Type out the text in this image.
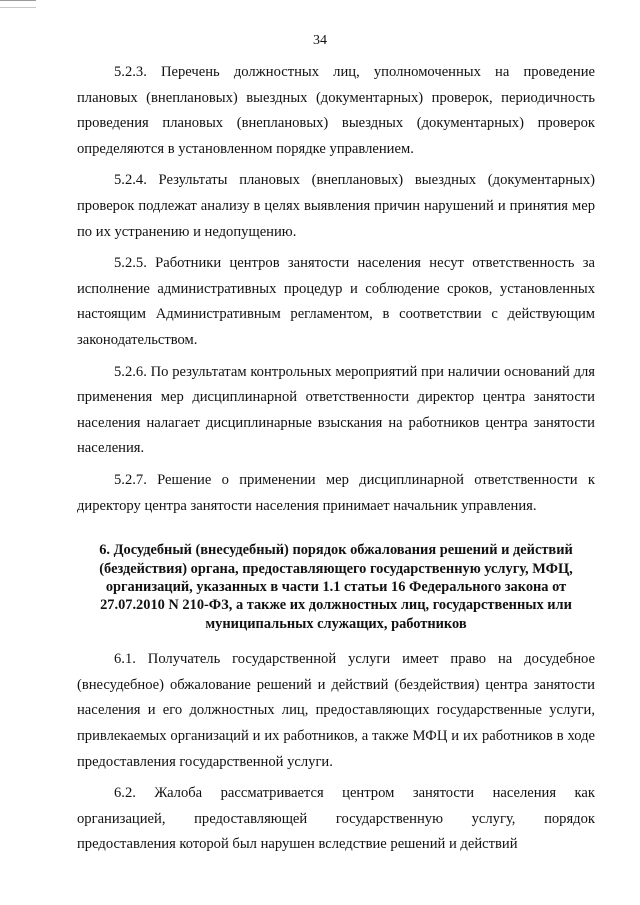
34

5.2.3. Перечень должностных лиц, уполномоченных на проведение плановых (внеплановых) выездных (документарных) проверок, периодичность проведения плановых (внеплановых) выездных (документарных) проверок определяются в установленном порядке управлением.

5.2.4. Результаты плановых (внеплановых) выездных (документарных) проверок подлежат анализу в целях выявления причин нарушений и принятия мер по их устранению и недопущению.

5.2.5. Работники центров занятости населения несут ответственность за исполнение административных процедур и соблюдение сроков, установленных настоящим Административным регламентом, в соответствии с действующим законодательством.

5.2.6. По результатам контрольных мероприятий при наличии оснований для применения мер дисциплинарной ответственности директор центра занятости населения налагает дисциплинарные взыскания на работников центра занятости населения.

5.2.7. Решение о применении мер дисциплинарной ответственности к директору центра занятости населения принимает начальник управления.

6. Досудебный (внесудебный) порядок обжалования решений и действий (бездействия) органа, предоставляющего государственную услугу, МФЦ, организаций, указанных в части 1.1 статьи 16 Федерального закона от 27.07.2010 N 210-ФЗ, а также их должностных лиц, государственных или муниципальных служащих, работников

6.1. Получатель государственной услуги имеет право на досудебное (внесудебное) обжалование решений и действий (бездействия) центра занятости населения и его должностных лиц, предоставляющих государственные услуги, привлекаемых организаций и их работников, а также МФЦ и их работников в ходе предоставления государственной услуги.

6.2. Жалоба рассматривается центром занятости населения как организацией, предоставляющей государственную услугу, порядок предоставления которой был нарушен вследствие решений и действий
